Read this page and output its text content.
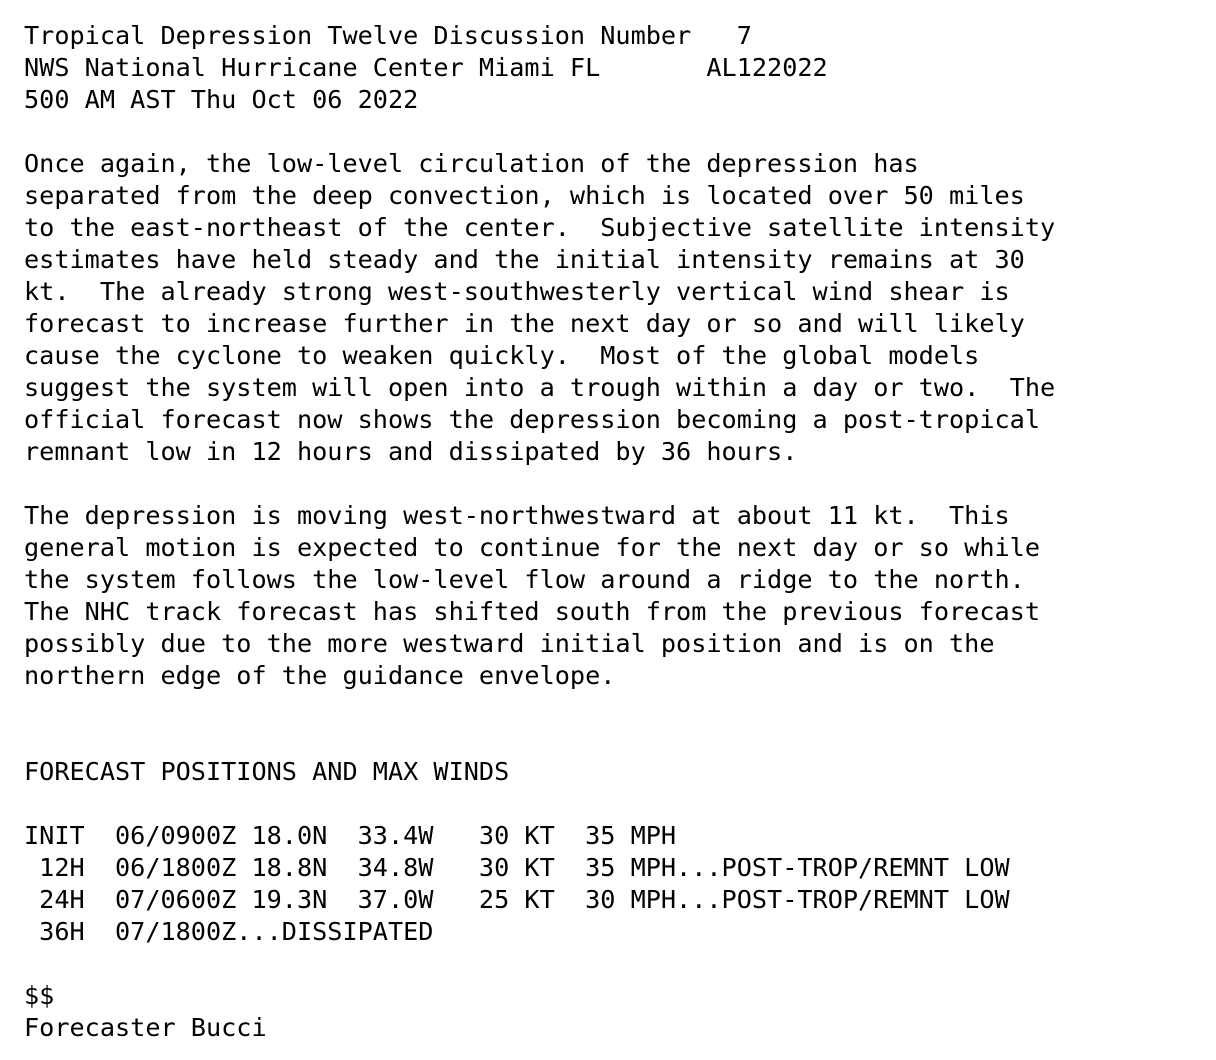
Tropical Depression Twelve Discussion Number   7
NWS National Hurricane Center Miami FL       AL122022
500 AM AST Thu Oct 06 2022
Once again, the low-level circulation of the depression has
separated from the deep convection, which is located over 50 miles
to the east-northeast of the center.  Subjective satellite intensity
estimates have held steady and the initial intensity remains at 30
kt.  The already strong west-southwesterly vertical wind shear is
forecast to increase further in the next day or so and will likely
cause the cyclone to weaken quickly.  Most of the global models
suggest the system will open into a trough within a day or two.  The
official forecast now shows the depression becoming a post-tropical
remnant low in 12 hours and dissipated by 36 hours.
The depression is moving west-northwestward at about 11 kt.  This
general motion is expected to continue for the next day or so while
the system follows the low-level flow around a ridge to the north.
The NHC track forecast has shifted south from the previous forecast
possibly due to the more westward initial position and is on the
northern edge of the guidance envelope.
FORECAST POSITIONS AND MAX WINDS
INIT  06/0900Z 18.0N  33.4W   30 KT  35 MPH
12H  06/1800Z 18.8N  34.8W   30 KT  35 MPH...POST-TROP/REMNT LOW
24H  07/0600Z 19.3N  37.0W   25 KT  30 MPH...POST-TROP/REMNT LOW
36H  07/1800Z...DISSIPATED
$$
Forecaster Bucci
